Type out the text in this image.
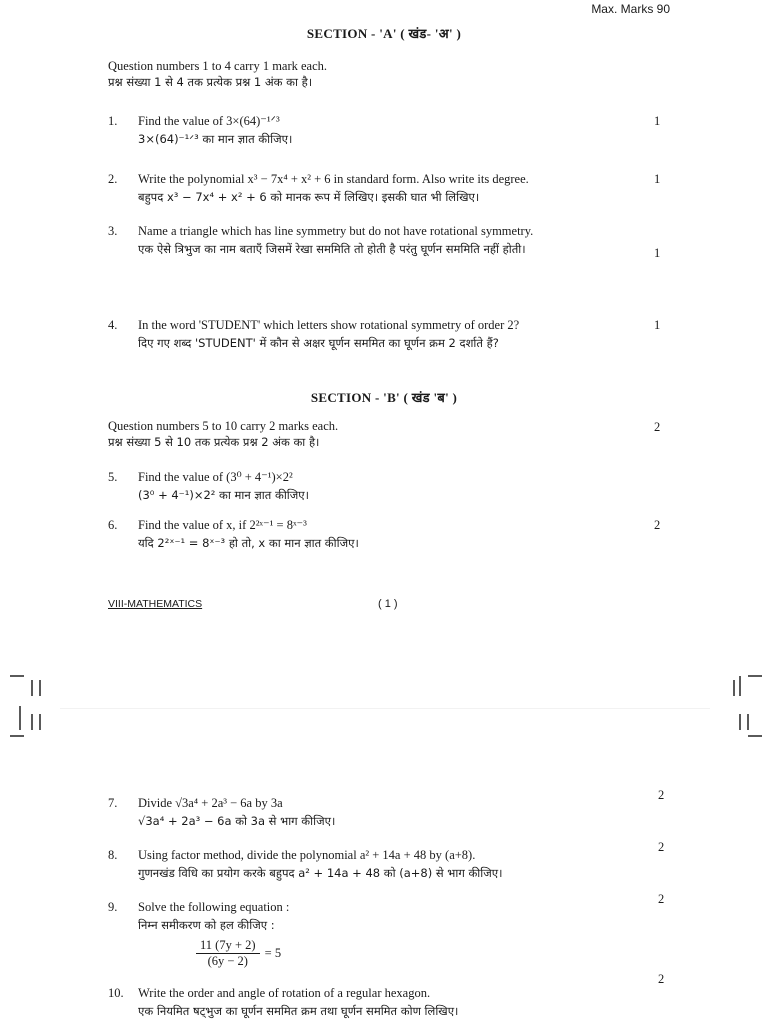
Max. Marks 90
SECTION - 'A' ( खंड- 'अ' )
Question numbers 1 to 4 carry 1 mark each.
प्रश्न संख्या 1 से 4 तक प्रत्येक प्रश्न 1 अंक का है।
1.	Find the value of 3×(64)⁻¹ᐟ³
3×(64)⁻¹ᐟ³ का मान ज्ञात कीजिए।
1
2.	Write the polynomial x³ − 7x⁴ + x² + 6 in standard form. Also write its degree.
बहुपद x³ − 7x⁴ + x² + 6 को मानक रूप में लिखिए। इसकी घात भी लिखिए।
1
3.	Name a triangle which has line symmetry but do not have rotational symmetry.
एक ऐसे त्रिभुज का नाम बताएँ जिसमें रेखा सममिति तो होती है परंतु घूर्णन सममिति नहीं होती।	1
4.	In the word 'STUDENT' which letters show rotational symmetry of order 2?
दिए गए शब्द 'STUDENT' में कौन से अक्षर घूर्णन सममित का घूर्णन क्रम 2 दर्शाते हैं?
1
SECTION - 'B' ( खंड 'ब' )
Question numbers 5 to 10 carry 2 marks each.
प्रश्न संख्या 5 से 10 तक प्रत्येक प्रश्न 2 अंक का है।
2
5.	Find the value of (3⁰ + 4⁻¹)×2²
(3⁰ + 4⁻¹)×2² का मान ज्ञात कीजिए।
6.	Find the value of x, if 2²ˣ⁻¹ = 8ˣ⁻³
यदि 2²ˣ⁻¹ = 8ˣ⁻³ हो तो, x का मान ज्ञात कीजिए।
2
VIII-MATHEMATICS	( 1 )
7.	Divide √3a⁴ + 2a³ − 6a by 3a
√3a⁴ + 2a³ − 6a को 3a से भाग कीजिए।
2
8.	Using factor method, divide the polynomial a² + 14a + 48 by (a+8).
गुणनखंड विधि का प्रयोग करके बहुपद a² + 14a + 48 को (a+8) से भाग कीजिए।
2
9.	Solve the following equation :
निम्न समीकरण को हल कीजिए :
2
$\frac{11 (7y + 2)}{(6y - 2)} = 5$
10.	Write the order and angle of rotation of a regular hexagon.
एक नियमित षट्भुज का घूर्णन सममित क्रम तथा घूर्णन सममित कोण लिखिए।
2
